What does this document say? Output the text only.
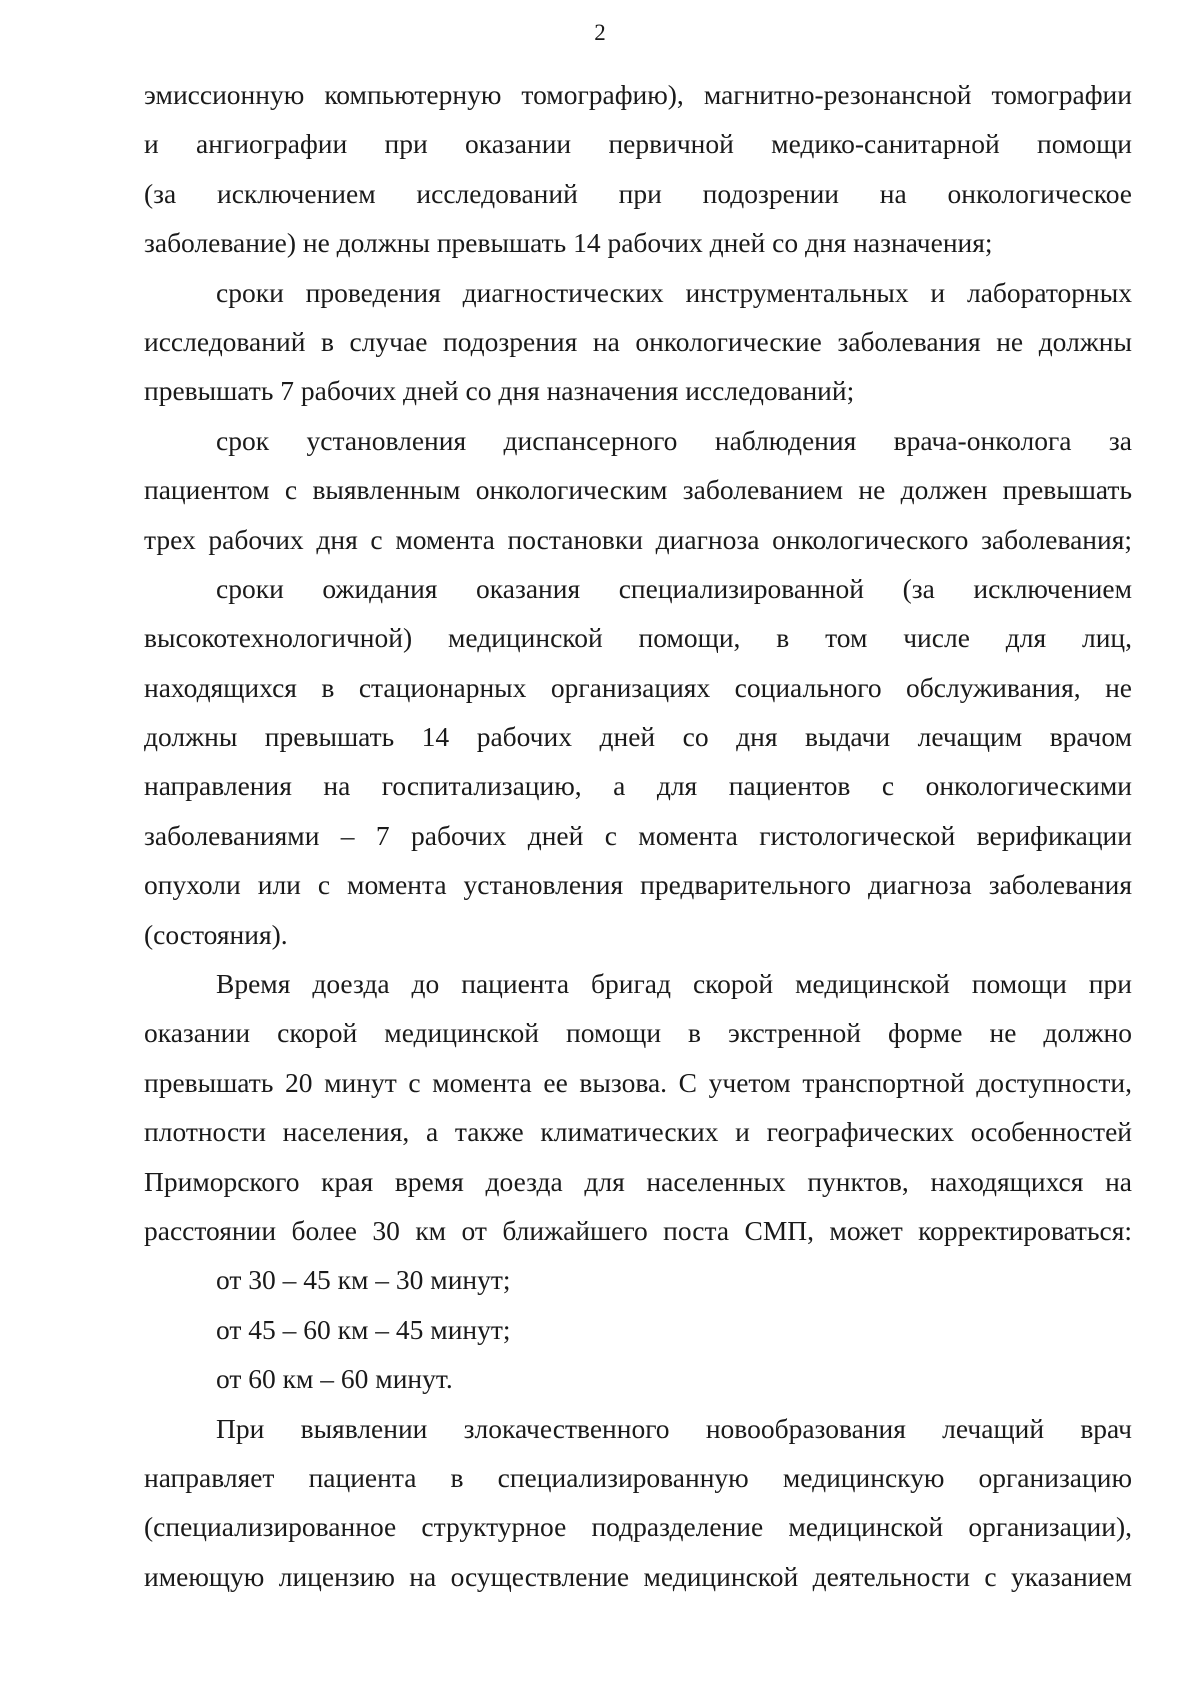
2
эмиссионную компьютерную томографию), магнитно-резонансной томографии
и ангиографии при оказании первичной медико-санитарной помощи
(за исключением исследований при подозрении на онкологическое
заболевание) не должны превышать 14 рабочих дней со дня назначения;
сроки проведения диагностических инструментальных и лабораторных
исследований в случае подозрения на онкологические заболевания не должны
превышать 7 рабочих дней со дня назначения исследований;
срок установления диспансерного наблюдения врача-онколога за
пациентом с выявленным онкологическим заболеванием не должен превышать
трех рабочих дня с момента постановки диагноза онкологического заболевания;
сроки ожидания оказания специализированной (за исключением
высокотехнологичной) медицинской помощи, в том числе для лиц,
находящихся в стационарных организациях социального обслуживания, не
должны превышать 14 рабочих дней со дня выдачи лечащим врачом
направления на госпитализацию, а для пациентов с онкологическими
заболеваниями – 7 рабочих дней с момента гистологической верификации
опухоли или с момента установления предварительного диагноза заболевания
(состояния).
Время доезда до пациента бригад скорой медицинской помощи при
оказании скорой медицинской помощи в экстренной форме не должно
превышать 20 минут с момента ее вызова. С учетом транспортной доступности,
плотности населения, а также климатических и географических особенностей
Приморского края время доезда для населенных пунктов, находящихся на
расстоянии более 30 км от ближайшего поста СМП, может корректироваться:
от 30 – 45 км – 30 минут;
от 45 – 60 км – 45 минут;
от 60 км – 60 минут.
При выявлении злокачественного новообразования лечащий врач
направляет пациента в специализированную медицинскую организацию
(специализированное структурное подразделение медицинской организации),
имеющую лицензию на осуществление медицинской деятельности с указанием
